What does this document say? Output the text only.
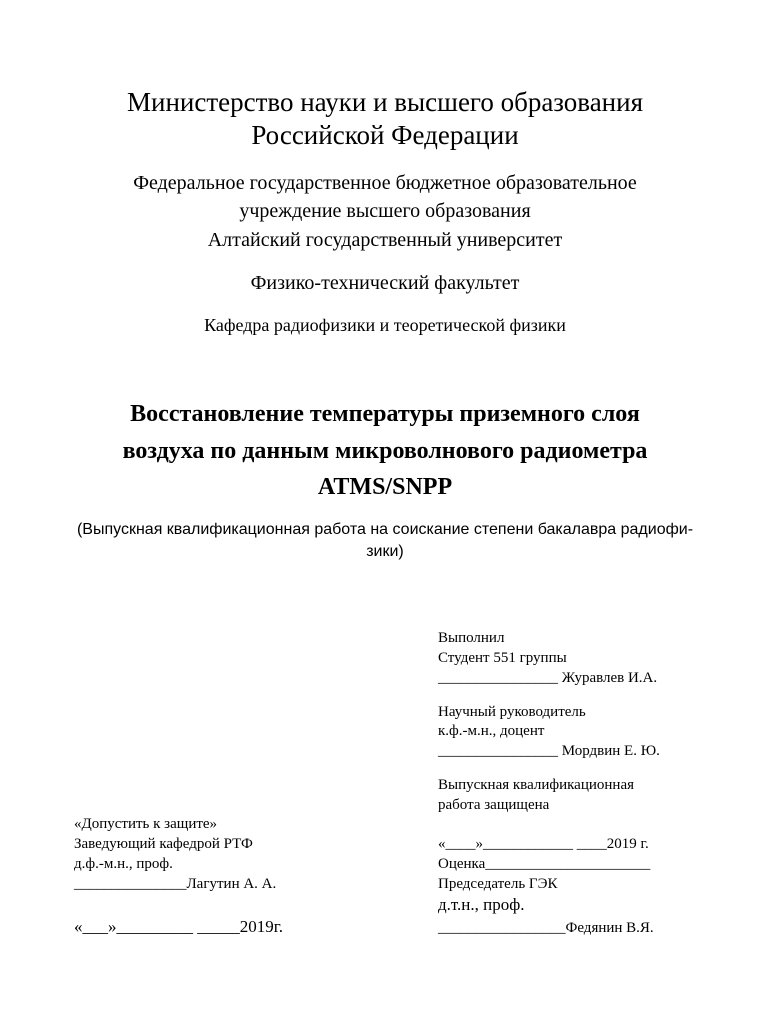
Министерство науки и высшего образования
Российской Федерации
Федеральное государственное бюджетное образовательное
учреждение высшего образования
Алтайский государственный университет
Физико-технический факультет
Кафедра радиофизики и теоретической физики
Восстановление температуры приземного слоя
воздуха по данным микроволнового радиометра
ATMS/SNPP
(Выпускная квалификационная работа на соискание степени бакалавра радиофи-
зики)
Выполнил
Студент 551 группы
________________ Журавлев И.А.
Научный руководитель
к.ф.-м.н., доцент
________________ Мордвин Е. Ю.
Выпускная квалификационная
работа защищена
«Допустить к защите»
Заведующий кафедрой РТФ
д.ф.-м.н., проф.
_______________Лагутин А. А.
«___»_________ _____2019г.
«____»____________ ____2019 г.
Оценка______________________
Председатель ГЭК
д.т.н., проф.
_________________Федянин В.Я.
